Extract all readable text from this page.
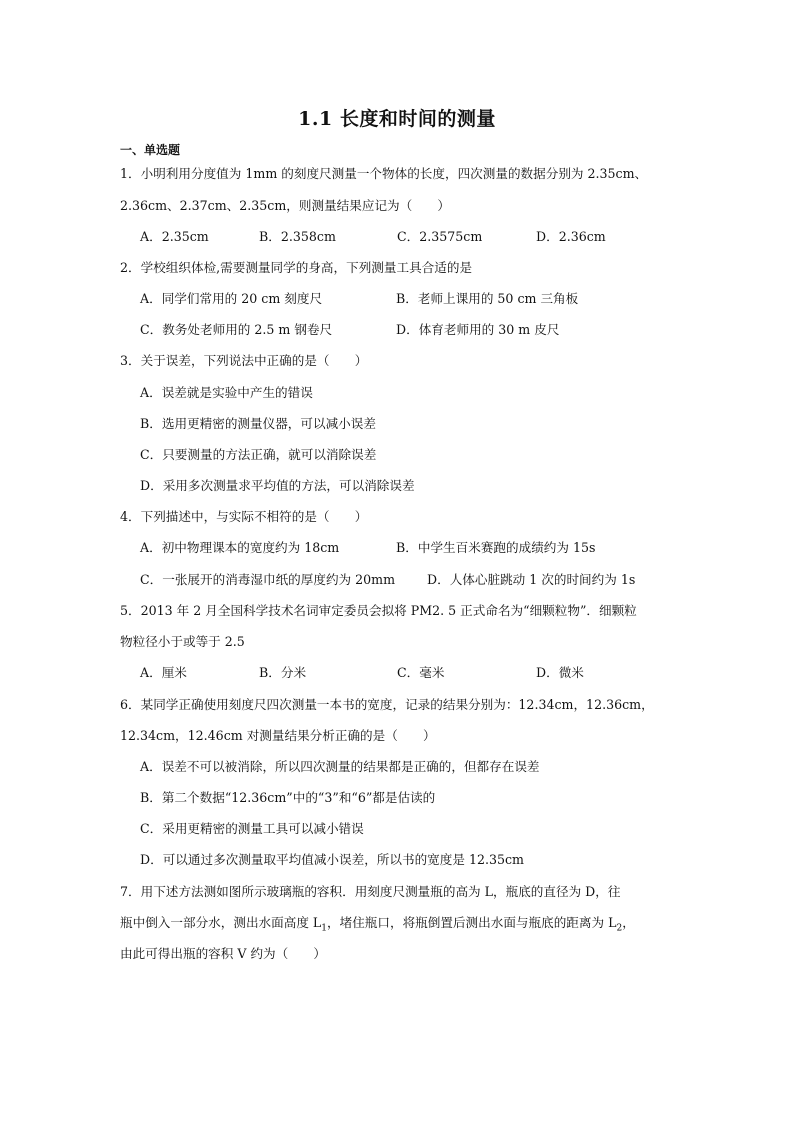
1.1 长度和时间的测量
一、单选题
1．小明利用分度值为 1mm 的刻度尺测量一个物体的长度，四次测量的数据分别为 2.35cm、
2.36cm、2.37cm、2.35cm，则测量结果应记为（　　）
A．2.35cm	B．2.358cm	C．2.3575cm	D．2.36cm
2．学校组织体检,需要测量同学的身高，下列测量工具合适的是
A．同学们常用的 20 cm 刻度尺	B．老师上课用的 50 cm 三角板
C．教务处老师用的 2.5 m 钢卷尺	D．体育老师用的 30 m 皮尺
3．关于误差，下列说法中正确的是（　　）
A．误差就是实验中产生的错误
B．选用更精密的测量仪器，可以减小误差
C．只要测量的方法正确，就可以消除误差
D．采用多次测量求平均值的方法，可以消除误差
4．下列描述中，与实际不相符的是（　　）
A．初中物理课本的宽度约为 18cm	B．中学生百米赛跑的成绩约为 15s
C．一张展开的消毒湿巾纸的厚度约为 20mm	D．人体心脏跳动 1 次的时间约为 1s
5．2013 年 2 月全国科学技术名词审定委员会拟将 PM2. 5 正式命名为“细颗粒物”．细颗粒
物粒径小于或等于 2.5
A．厘米	B．分米	C．毫米	D．微米
6．某同学正确使用刻度尺四次测量一本书的宽度，记录的结果分别为：12.34cm，12.36cm，
12.34cm，12.46cm 对测量结果分析正确的是（　　）
A．误差不可以被消除，所以四次测量的结果都是正确的，但都存在误差
B．第二个数据“12.36cm”中的“3”和“6”都是估读的
C．采用更精密的测量工具可以减小错误
D．可以通过多次测量取平均值减小误差，所以书的宽度是 12.35cm
7．用下述方法测如图所示玻璃瓶的容积．用刻度尺测量瓶的高为 L，瓶底的直径为 D，往
瓶中倒入一部分水，测出水面高度 $L_1$，堵住瓶口，将瓶倒置后测出水面与瓶底的距离为 $L_2$，
由此可得出瓶的容积 V 约为（　　）
